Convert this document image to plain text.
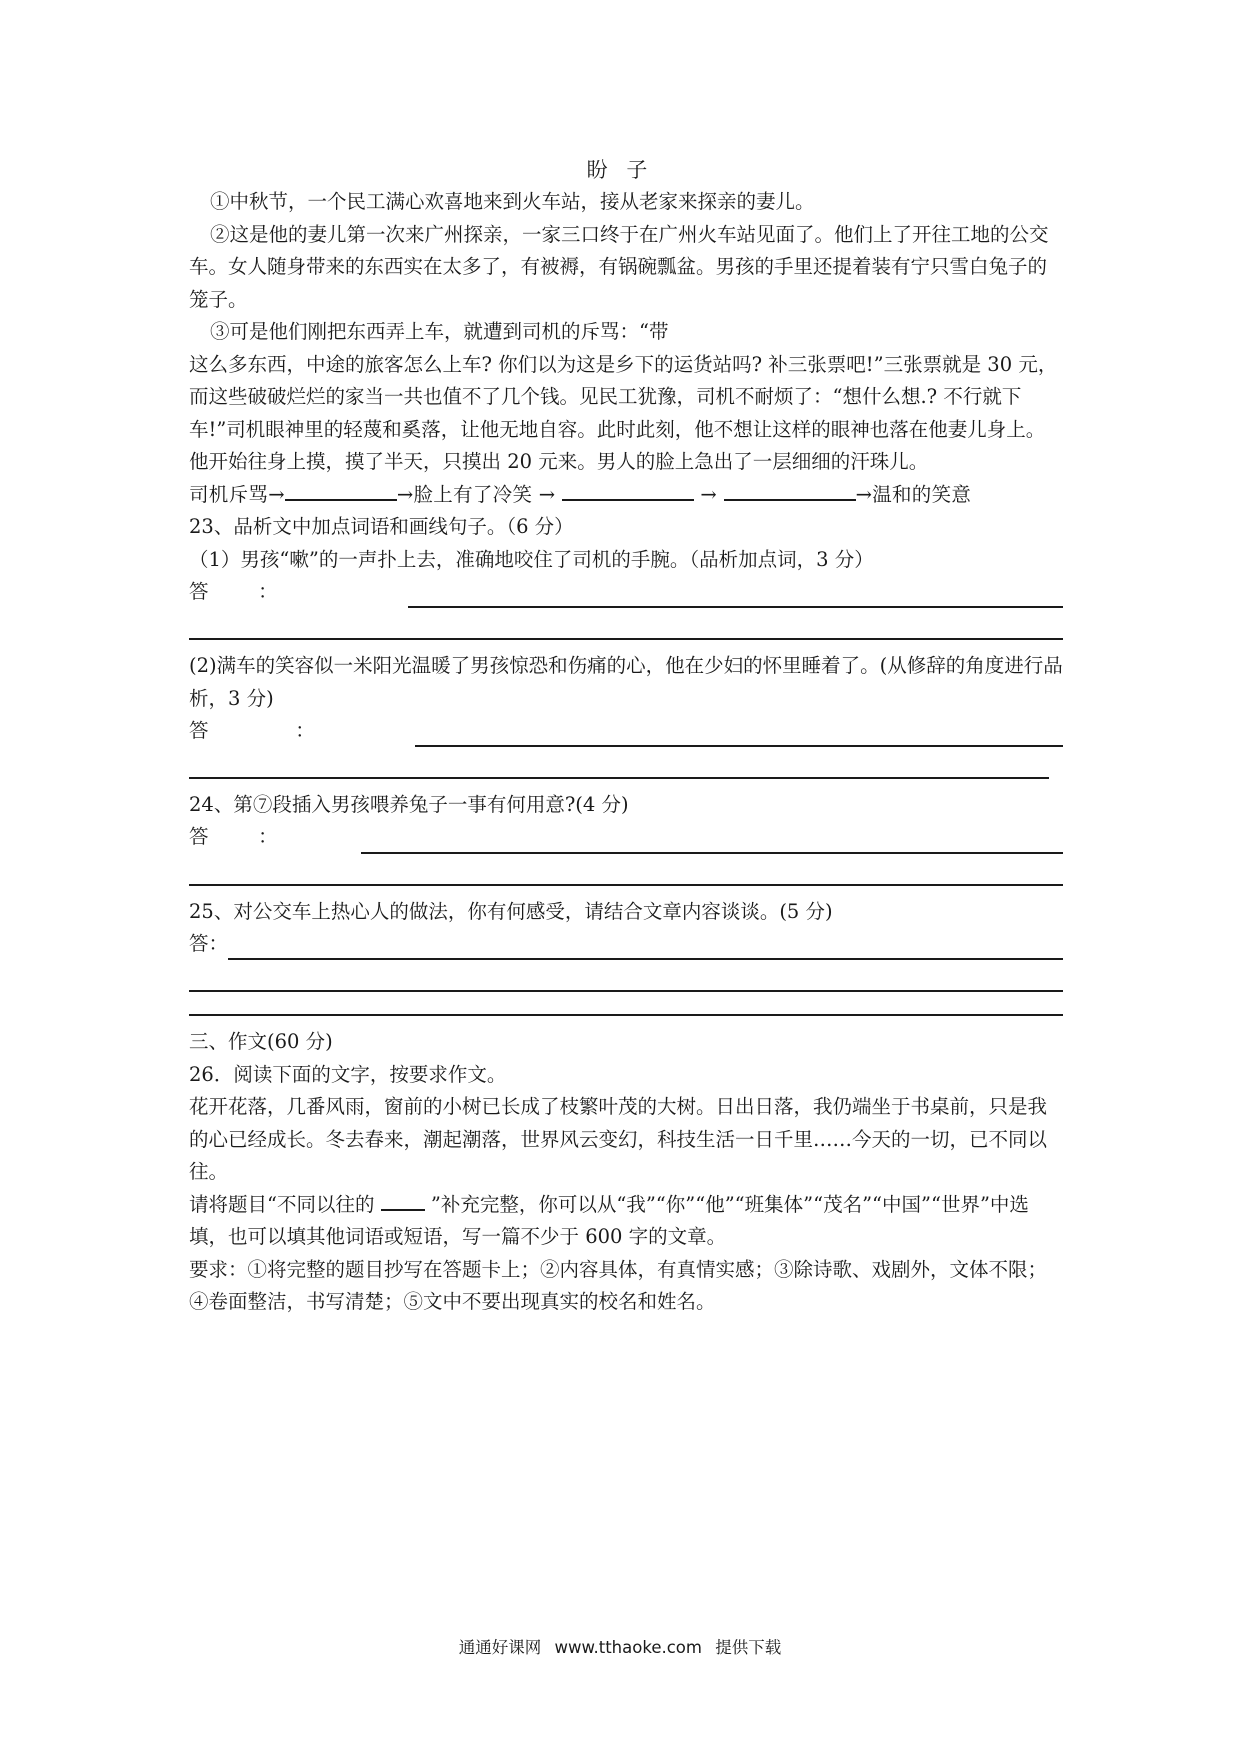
盼 子

①中秋节，一个民工满心欢喜地来到火车站，接从老家来探亲的妻儿。

②这是他的妻儿第一次来广州探亲，一家三口终于在广州火车站见面了。他们上了开往工地的公交车。女人随身带来的东西实在太多了，有被褥，有锅碗瓢盆。男孩的手里还提着装有宁只雪白兔子的笼子。

③可是他们刚把东西弄上车，就遭到司机的斥骂：“带

这么多东西，中途的旅客怎么上车? 你们以为这是乡下的运货站吗? 补三张票吧!”三张票就是 30 元，而这些破破烂烂的家当一共也值不了几个钱。见民工犹豫，司机不耐烦了：“想什么想.? 不行就下车!”司机眼神里的轻蔑和奚落，让他无地自容。此时此刻，他不想让这样的眼神也落在他妻儿身上。他开始往身上摸，摸了半天，只摸出 20 元来。男人的脸上急出了一层细细的汗珠儿。

司机斥骂→	→脸上有了冷笑 →	→	→温和的笑意

23、品析文中加点词语和画线句子。（6 分）

（1）男孩“嗽”的一声扑上去，准确地咬住了司机的手腕。（品析加点词，3 分）

答        ：

(2)满车的笑容似一米阳光温暖了男孩惊恐和伤痛的心，他在少妇的怀里睡着了。(从修辞的角度进行品析，3 分)

答              ：

24、第⑦段插入男孩喂养兔子一事有何用意?(4 分)

答        ：

25、对公交车上热心人的做法，你有何感受，请结合文章内容谈谈。(5 分)

答：

三、作文(60 分)

26．阅读下面的文字，按要求作文。

花开花落，几番风雨，窗前的小树已长成了枝繁叶茂的大树。日出日落，我仍端坐于书桌前，只是我的心已经成长。冬去春来，潮起潮落，世界风云变幻，科技生活一日千里……今天的一切，已不同以往。

请将题目“不同以往的	”补充完整，你可以从“我”“你”“他”“班集体”“茂名”“中国”“世界”中选填，也可以填其他词语或短语，写一篇不少于 600 字的文章。

要求：①将完整的题目抄写在答题卡上；②内容具体，有真情实感；③除诗歌、戏剧外，文体不限；④卷面整洁，书写清楚；⑤文中不要出现真实的校名和姓名。

通通好课网 www.tthaoke.com 提供下载
